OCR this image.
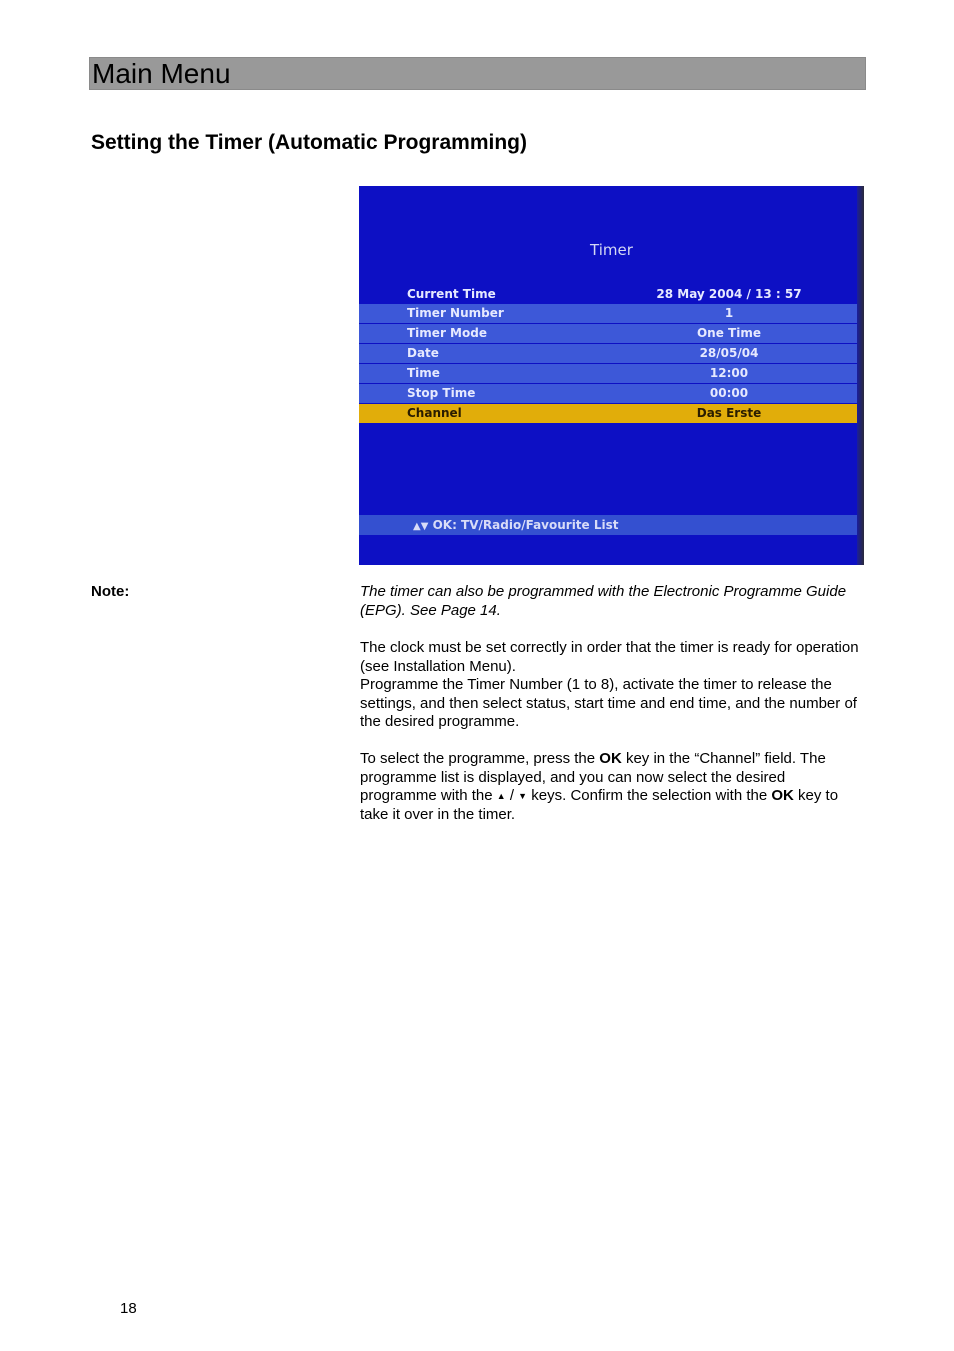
Main Menu
Setting the Timer (Automatic Programming)
Timer
Current Time	28 May 2004 / 13 : 57
Timer Number	1
Timer Mode	One Time
Date	28/05/04
Time	12:00
Stop Time	00:00
Channel	Das Erste
▲▼ OK: TV/Radio/Favourite List
Note:	The timer can also be programmed with the Electronic Programme Guide (EPG). See Page 14.
The clock must be set correctly in order that the timer is ready for operation (see Installation Menu).
Programme the Timer Number (1 to 8), activate the timer to release the settings, and then select status, start time and end time, and the number of the desired programme.
To select the programme, press the OK key in the “Channel” field. The programme list is displayed, and you can now select the desired programme with the ▲ / ▼ keys. Confirm the selection with the OK key to take it over in the timer.
18
